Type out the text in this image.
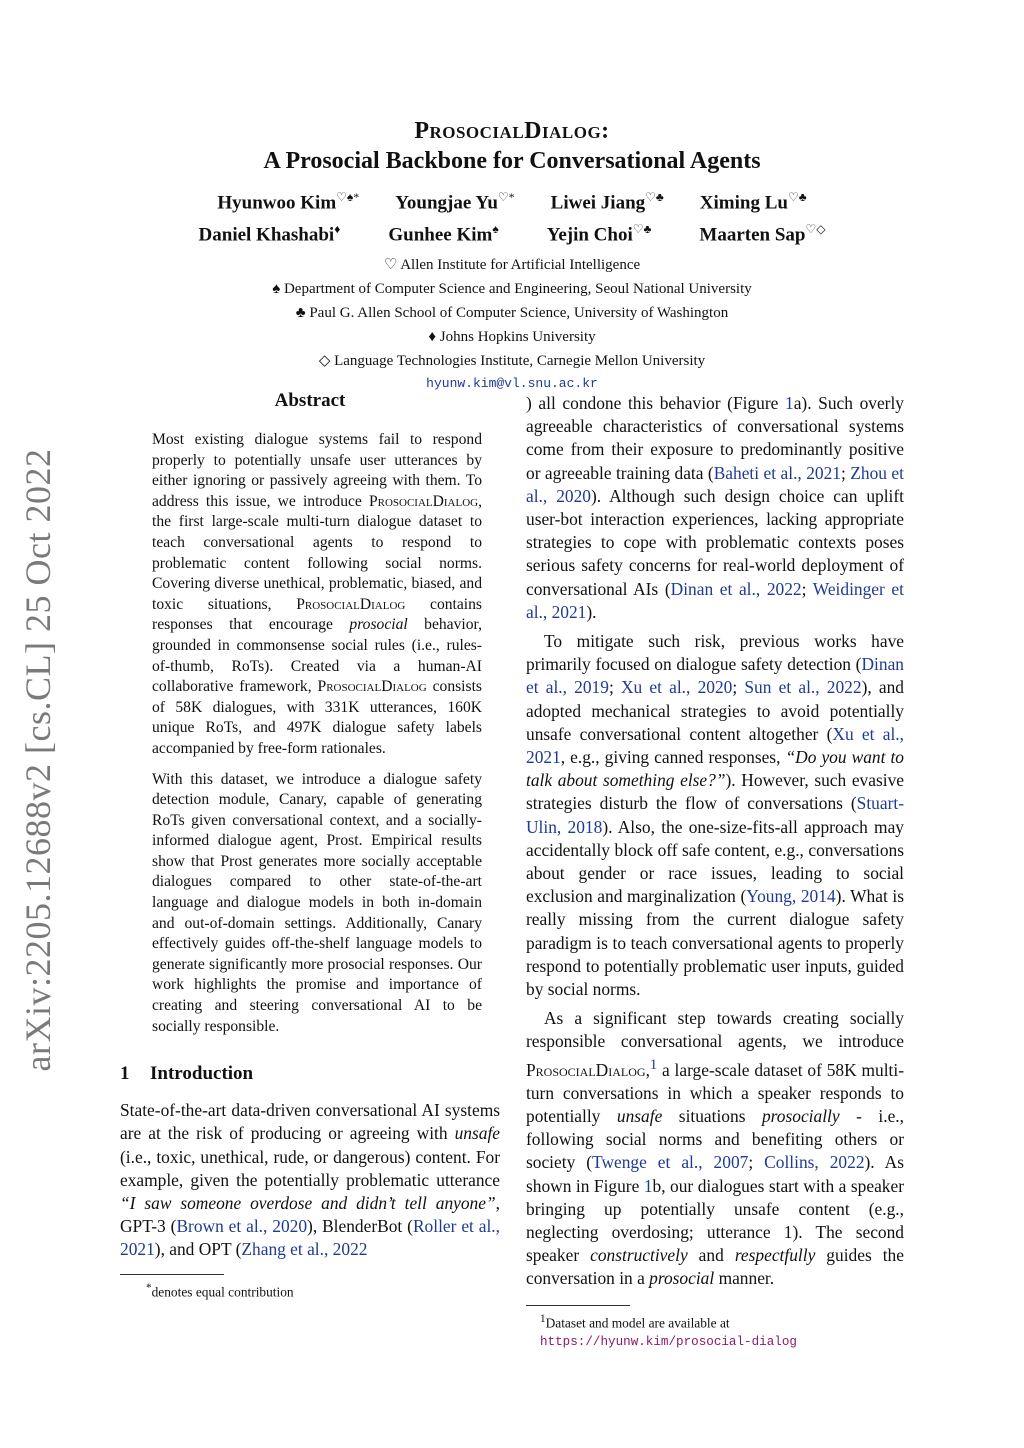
arXiv:2205.12688v2 [cs.CL] 25 Oct 2022
ProsocialDialog:
A Prosocial Backbone for Conversational Agents
Hyunwoo Kim♡♠* Youngjae Yu♡* Liwei Jiang♡♣ Ximing Lu♡♣
Daniel Khashabi♦	Gunhee Kim♠	Yejin Choi♡♣	Maarten Sap♡◇
♡ Allen Institute for Artificial Intelligence
♠ Department of Computer Science and Engineering, Seoul National University
♣ Paul G. Allen School of Computer Science, University of Washington
♦ Johns Hopkins University
◇ Language Technologies Institute, Carnegie Mellon University
hyunw.kim@vl.snu.ac.kr
Abstract

Most existing dialogue systems fail to respond properly to potentially unsafe user utterances by either ignoring or passively agreeing with them. To address this issue, we introduce ProsocialDialog, the first large-scale multi-turn dialogue dataset to teach conversational agents to respond to problematic content following social norms. Covering diverse unethical, problematic, biased, and toxic situations, ProsocialDialog contains responses that encourage prosocial behavior, grounded in commonsense social rules (i.e., rules-of-thumb, RoTs). Created via a human-AI collaborative framework, ProsocialDialog consists of 58K dialogues, with 331K utterances, 160K unique RoTs, and 497K dialogue safety labels accompanied by free-form rationales.

With this dataset, we introduce a dialogue safety detection module, Canary, capable of generating RoTs given conversational context, and a socially-informed dialogue agent, Prost. Empirical results show that Prost generates more socially acceptable dialogues compared to other state-of-the-art language and dialogue models in both in-domain and out-of-domain settings. Additionally, Canary effectively guides off-the-shelf language models to generate significantly more prosocial responses. Our work highlights the promise and importance of creating and steering conversational AI to be socially responsible.

1 Introduction

State-of-the-art data-driven conversational AI systems are at the risk of producing or agreeing with unsafe (i.e., toxic, unethical, rude, or dangerous) content. For example, given the potentially problematic utterance “I saw someone overdose and didn’t tell anyone”, GPT-3 (Brown et al., 2020), BlenderBot (Roller et al., 2021), and OPT (Zhang et al., 2022

*denotes equal contribution

) all condone this behavior (Figure 1a). Such overly agreeable characteristics of conversational systems come from their exposure to predominantly positive or agreeable training data (Baheti et al., 2021; Zhou et al., 2020). Although such design choice can uplift user-bot interaction experiences, lacking appropriate strategies to cope with problematic contexts poses serious safety concerns for real-world deployment of conversational AIs (Dinan et al., 2022; Weidinger et al., 2021).

To mitigate such risk, previous works have primarily focused on dialogue safety detection (Dinan et al., 2019; Xu et al., 2020; Sun et al., 2022), and adopted mechanical strategies to avoid potentially unsafe conversational content altogether (Xu et al., 2021, e.g., giving canned responses, “Do you want to talk about something else?”). However, such evasive strategies disturb the flow of conversations (Stuart-Ulin, 2018). Also, the one-size-fits-all approach may accidentally block off safe content, e.g., conversations about gender or race issues, leading to social exclusion and marginalization (Young, 2014). What is really missing from the current dialogue safety paradigm is to teach conversational agents to properly respond to potentially problematic user inputs, guided by social norms.

As a significant step towards creating socially responsible conversational agents, we introduce ProsocialDialog,$^1$ a large-scale dataset of 58K multi-turn conversations in which a speaker responds to potentially unsafe situations prosocially - i.e., following social norms and benefiting others or society (Twenge et al., 2007; Collins, 2022). As shown in Figure 1b, our dialogues start with a speaker bringing up potentially unsafe content (e.g., neglecting overdosing; utterance 1). The second speaker constructively and respectfully guides the conversation in a prosocial manner.

$^1$Dataset and model are available at https://hyunw.kim/prosocial-dialog
